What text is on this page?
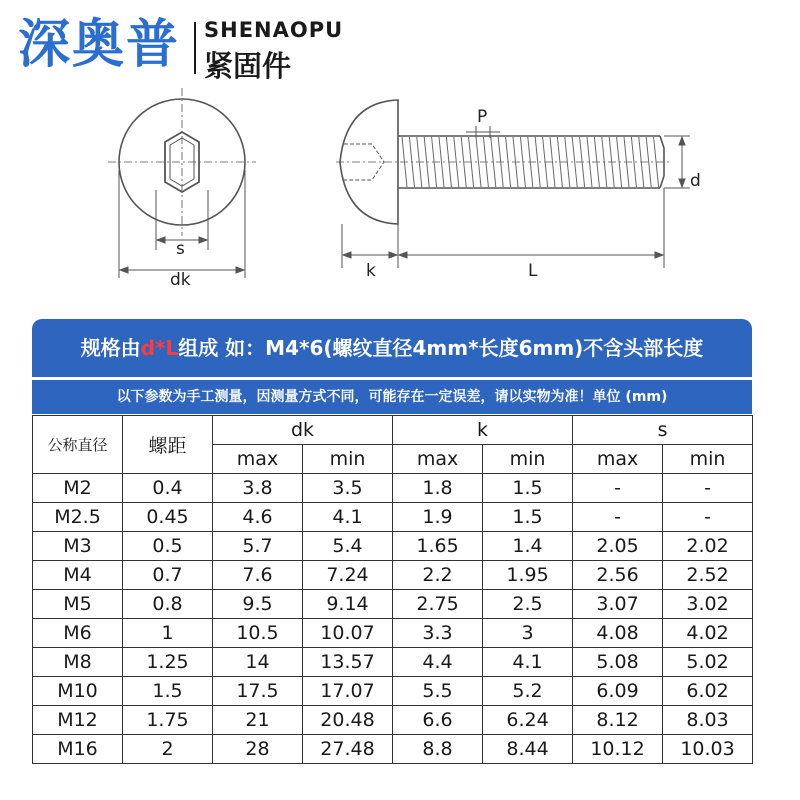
深奥普 SHENAOPU
紧固件
s
dk
P
d
k	L
规格由d*L组成 如：M4*6(螺纹直径4mm*长度6mm)不含头部长度
以下参数为手工测量，因测量方式不同，可能存在一定误差，请以实物为准！单位 (mm)
公称直径	螺距	dk		k		s	
		max	min	max	min	max	min
M2	0.4	3.8	3.5	1.8	1.5	-	-
M2.5	0.45	4.6	4.1	1.9	1.5	-	-
M3	0.5	5.7	5.4	1.65	1.4	2.05	2.02
M4	0.7	7.6	7.24	2.2	1.95	2.56	2.52
M5	0.8	9.5	9.14	2.75	2.5	3.07	3.02
M6	1	10.5	10.07	3.3	3	4.08	4.02
M8	1.25	14	13.57	4.4	4.1	5.08	5.02
M10	1.5	17.5	17.07	5.5	5.2	6.09	6.02
M12	1.75	21	20.48	6.6	6.24	8.12	8.03
M16	2	28	27.48	8.8	8.44	10.12	10.03
